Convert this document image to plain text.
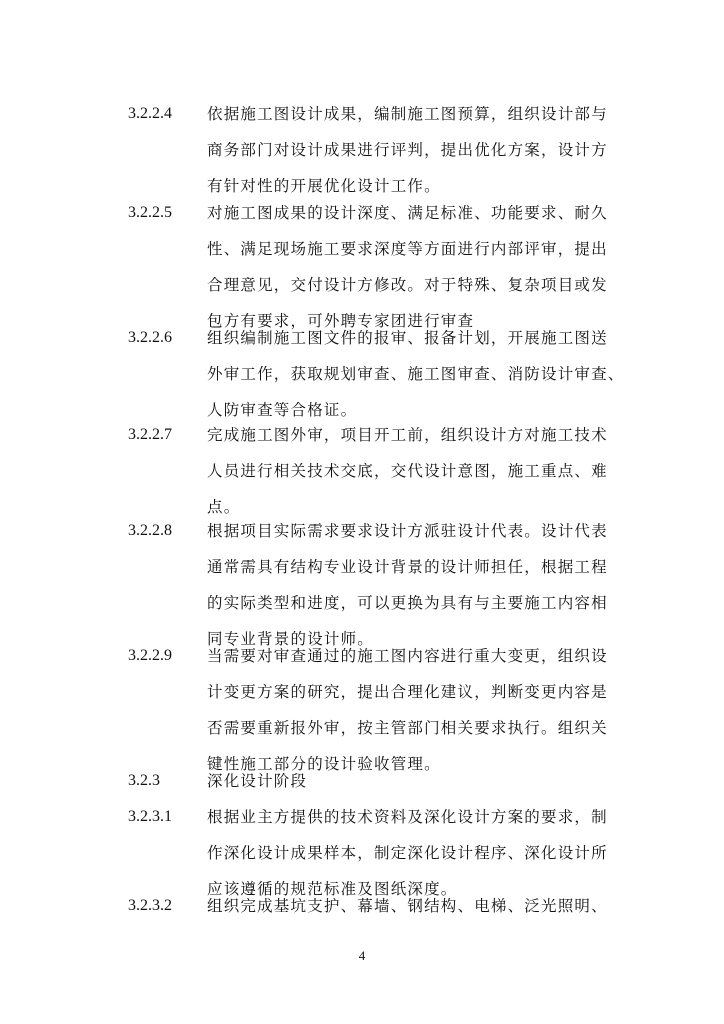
3.2.2.4 依据施工图设计成果，编制施工图预算，组织设计部与
商务部门对设计成果进行评判，提出优化方案，设计方
有针对性的开展优化设计工作。
3.2.2.5 对施工图成果的设计深度、满足标准、功能要求、耐久
性、满足现场施工要求深度等方面进行内部评审，提出
合理意见，交付设计方修改。对于特殊、复杂项目或发
包方有要求，可外聘专家团进行审查
3.2.2.6 组织编制施工图文件的报审、报备计划，开展施工图送
外审工作，获取规划审查、施工图审查、消防设计审查、
人防审查等合格证。
3.2.2.7 完成施工图外审，项目开工前，组织设计方对施工技术
人员进行相关技术交底，交代设计意图，施工重点、难
点。
3.2.2.8 根据项目实际需求要求设计方派驻设计代表。设计代表
通常需具有结构专业设计背景的设计师担任，根据工程
的实际类型和进度，可以更换为具有与主要施工内容相
同专业背景的设计师。
3.2.2.9 当需要对审查通过的施工图内容进行重大变更，组织设
计变更方案的研究，提出合理化建议，判断变更内容是
否需要重新报外审，按主管部门相关要求执行。组织关
键性施工部分的设计验收管理。
3.2.3	深化设计阶段
3.2.3.1 根据业主方提供的技术资料及深化设计方案的要求，制
作深化设计成果样本，制定深化设计程序、深化设计所
应该遵循的规范标准及图纸深度。
3.2.3.2 组织完成基坑支护、幕墙、钢结构、电梯、泛光照明、
4
